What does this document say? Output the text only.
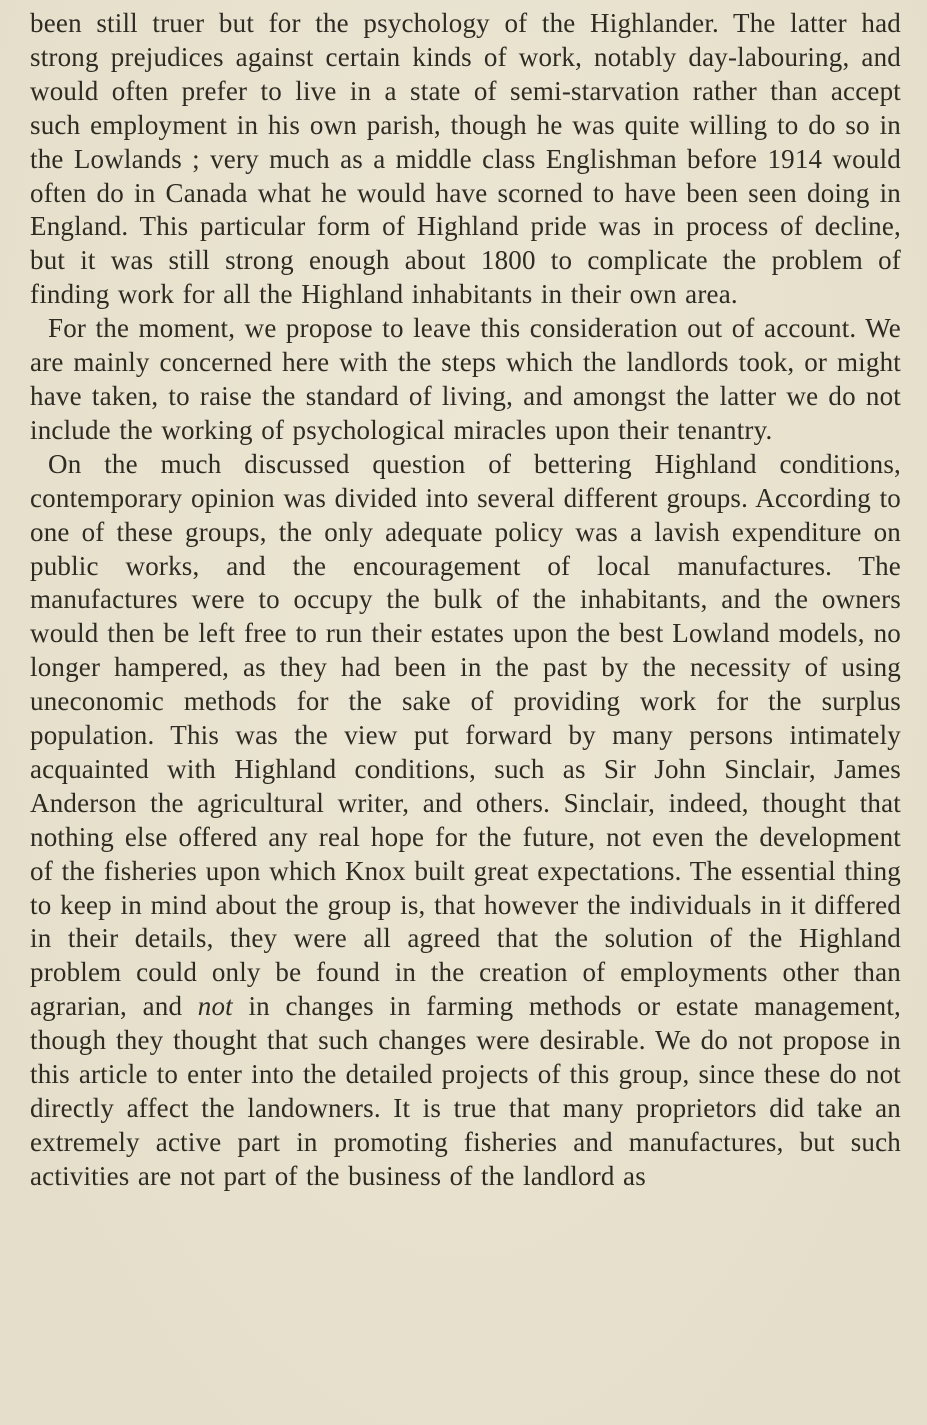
been still truer but for the psychology of the Highlander. The latter had strong prejudices against certain kinds of work, notably day-labouring, and would often prefer to live in a state of semi-starvation rather than accept such employment in his own parish, though he was quite willing to do so in the Lowlands ; very much as a middle class Englishman before 1914 would often do in Canada what he would have scorned to have been seen doing in England. This particular form of Highland pride was in process of decline, but it was still strong enough about 1800 to complicate the problem of finding work for all the Highland inhabitants in their own area.

For the moment, we propose to leave this consideration out of account. We are mainly concerned here with the steps which the landlords took, or might have taken, to raise the standard of living, and amongst the latter we do not include the working of psychological miracles upon their tenantry.

On the much discussed question of bettering Highland conditions, contemporary opinion was divided into several different groups. According to one of these groups, the only adequate policy was a lavish expenditure on public works, and the encouragement of local manufactures. The manufactures were to occupy the bulk of the inhabitants, and the owners would then be left free to run their estates upon the best Lowland models, no longer hampered, as they had been in the past by the necessity of using uneconomic methods for the sake of providing work for the surplus population. This was the view put forward by many persons intimately acquainted with Highland conditions, such as Sir John Sinclair, James Anderson the agricultural writer, and others. Sinclair, indeed, thought that nothing else offered any real hope for the future, not even the development of the fisheries upon which Knox built great expectations. The essential thing to keep in mind about the group is, that however the individuals in it differed in their details, they were all agreed that the solution of the Highland problem could only be found in the creation of employments other than agrarian, and not in changes in farming methods or estate management, though they thought that such changes were desirable. We do not propose in this article to enter into the detailed projects of this group, since these do not directly affect the landowners. It is true that many proprietors did take an extremely active part in promoting fisheries and manufactures, but such activities are not part of the business of the landlord as
